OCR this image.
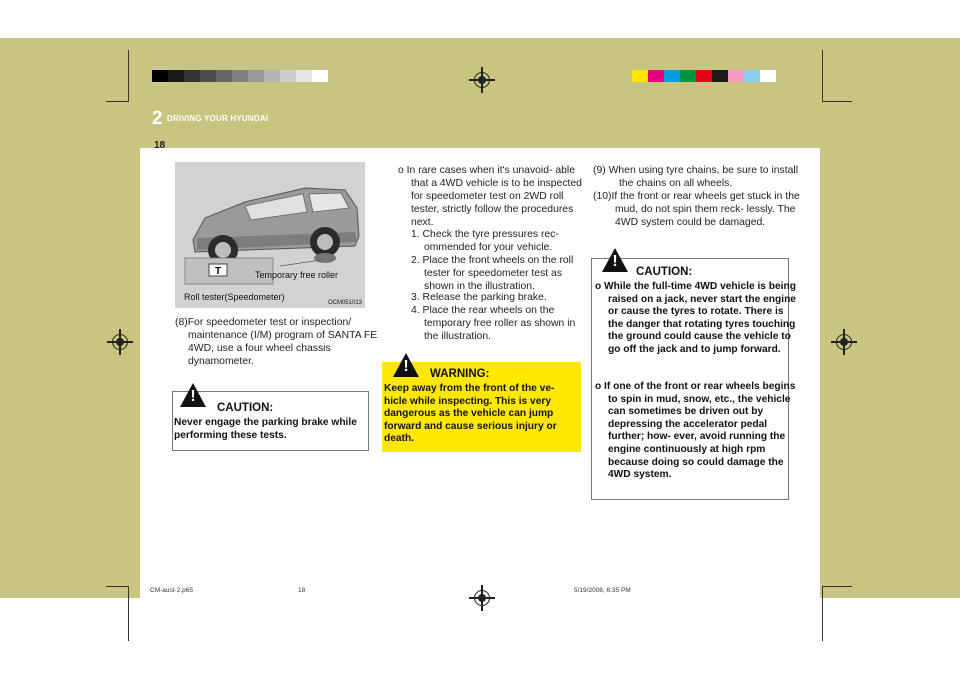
2 DRIVING YOUR HYUNDAI
18
T	Temporary free roller
Roll tester(Speedometer)
OCM051013
(8)For speedometer test or inspection/ maintenance (I/M) program of SANTA FE 4WD, use a four wheel chassis dynamometer.
!
CAUTION:
Never engage the parking brake while performing these tests.
o In rare cases when it's unavoid- able that a 4WD vehicle is to be inspected for speedometer test on 2WD roll tester, strictly follow the procedures next.
1. Check the tyre pressures rec- ommended for your vehicle.
2. Place the front wheels on the roll tester for speedometer test as shown in the illustration.
3. Release the parking brake.
4. Place the rear wheels on the temporary free roller as shown in the illustration.
!	WARNING:
Keep away from the front of the ve- hicle while inspecting. This is very dangerous as the vehicle can jump forward and cause serious injury or death.
(9) When using tyre chains, be sure to install the chains on all wheels.
(10)If the front or rear wheels get stuck in the mud, do not spin them reck- lessly. The 4WD system could be damaged.
!
CAUTION:
o While the full-time 4WD vehicle is being raised on a jack, never start the engine or cause the tyres to rotate. There is the danger that rotating tyres touching the ground could cause the vehicle to go off the jack and to jump forward.
o If one of the front or rear wheels begins to spin in mud, snow, etc., the vehicle can sometimes be driven out by depressing the accelerator pedal further; how- ever, avoid running the engine continuously at high rpm because doing so could damage the 4WD system.
CM-aust-2.p65	18	5/19/2008, 6:35 PM
